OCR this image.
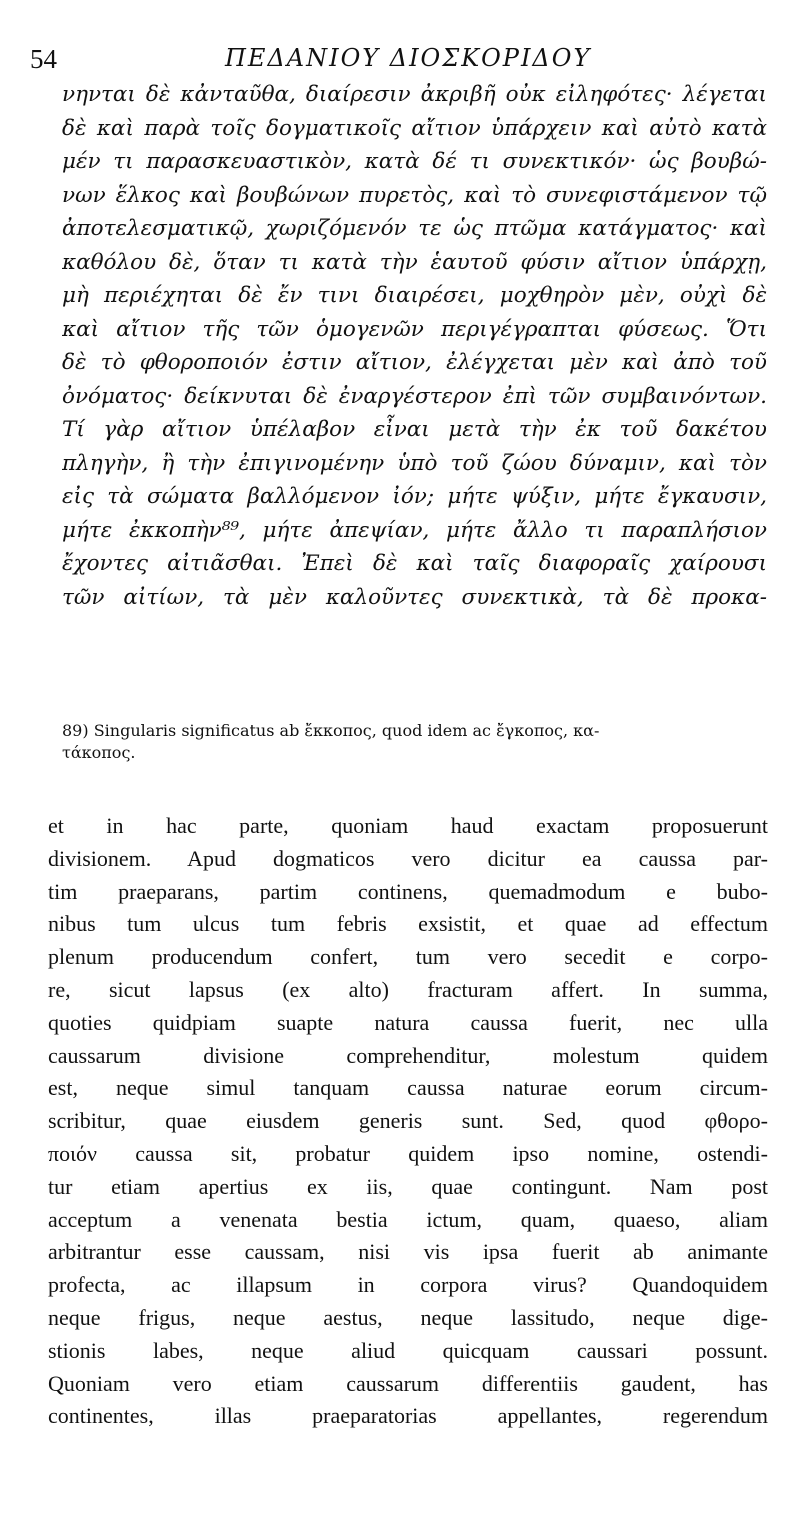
54	ΠΕΔΑΝΙΟΥ ΔΙΟΣΚΟΡΙΔΟΥ
νηνται δὲ κἀνταῦθα, διαίρεσιν ἀκριβῆ οὐκ εἰληφότες· λέγεται
δὲ καὶ παρὰ τοῖς δογματικοῖς αἴτιον ὑπάρχειν καὶ αὐτὸ κατὰ
μέν τι παρασκευαστικὸν, κατὰ δέ τι συνεκτικόν· ὡς βουβώ-
νων ἕλκος καὶ βουβώνων πυρετὸς, καὶ τὸ συνεφιστάμενον τῷ
ἀποτελεσματικῷ, χωριζόμενόν τε ὡς πτῶμα κατάγματος· καὶ
καθόλου δὲ, ὅταν τι κατὰ τὴν ἑαυτοῦ φύσιν αἴτιον ὑπάρχῃ,
μὴ περιέχηται δὲ ἔν τινι διαιρέσει, μοχθηρὸν μὲν, οὐχὶ δὲ
καὶ αἴτιον τῆς τῶν ὁμογενῶν περιγέγραπται φύσεως. Ὅτι
δὲ τὸ φθοροποιόν ἐστιν αἴτιον, ἐλέγχεται μὲν καὶ ἀπὸ τοῦ
ὀνόματος· δείκνυται δὲ ἐναργέστερον ἐπὶ τῶν συμβαινόντων.
Τί γὰρ αἴτιον ὑπέλαβον εἶναι μετὰ τὴν ἐκ τοῦ δακέτου
πληγὴν, ἢ τὴν ἐπιγινομένην ὑπὸ τοῦ ζώου δύναμιν, καὶ τὸν
εἰς τὰ σώματα βαλλόμενον ἰόν; μήτε ψύξιν, μήτε ἔγκαυσιν,
μήτε ἐκκοπὴν⁸⁹, μήτε ἀπεψίαν, μήτε ἄλλο τι παραπλήσιον
ἔχοντες αἰτιᾶσθαι. Ἐπεὶ δὲ καὶ ταῖς διαφοραῖς χαίρουσι
τῶν αἰτίων, τὰ μὲν καλοῦντες συνεκτικὰ, τὰ δὲ προκα-
89) Singularis significatus ab ἔκκοπος, quod idem ac ἔγκοπος, κα-
τάκοπος.
et in hac parte, quoniam haud exactam proposuerunt
divisionem. Apud dogmaticos vero dicitur ea caussa par-
tim praeparans, partim continens, quemadmodum e bubo-
nibus tum ulcus tum febris exsistit, et quae ad effectum
plenum producendum confert, tum vero secedit e corpo-
re, sicut lapsus (ex alto) fracturam affert. In summa,
quoties quidpiam suapte natura caussa fuerit, nec ulla
caussarum divisione comprehenditur, molestum quidem
est, neque simul tanquam caussa naturae eorum circum-
scribitur, quae eiusdem generis sunt. Sed, quod φθορο-
ποιόν caussa sit, probatur quidem ipso nomine, ostendi-
tur etiam apertius ex iis, quae contingunt. Nam post
acceptum a venenata bestia ictum, quam, quaeso, aliam
arbitrantur esse caussam, nisi vis ipsa fuerit ab animante
profecta, ac illapsum in corpora virus? Quandoquidem
neque frigus, neque aestus, neque lassitudo, neque dige-
stionis labes, neque aliud quicquam caussari possunt.
Quoniam vero etiam caussarum differentiis gaudent, has
continentes, illas praeparatorias appellantes, regerendum
